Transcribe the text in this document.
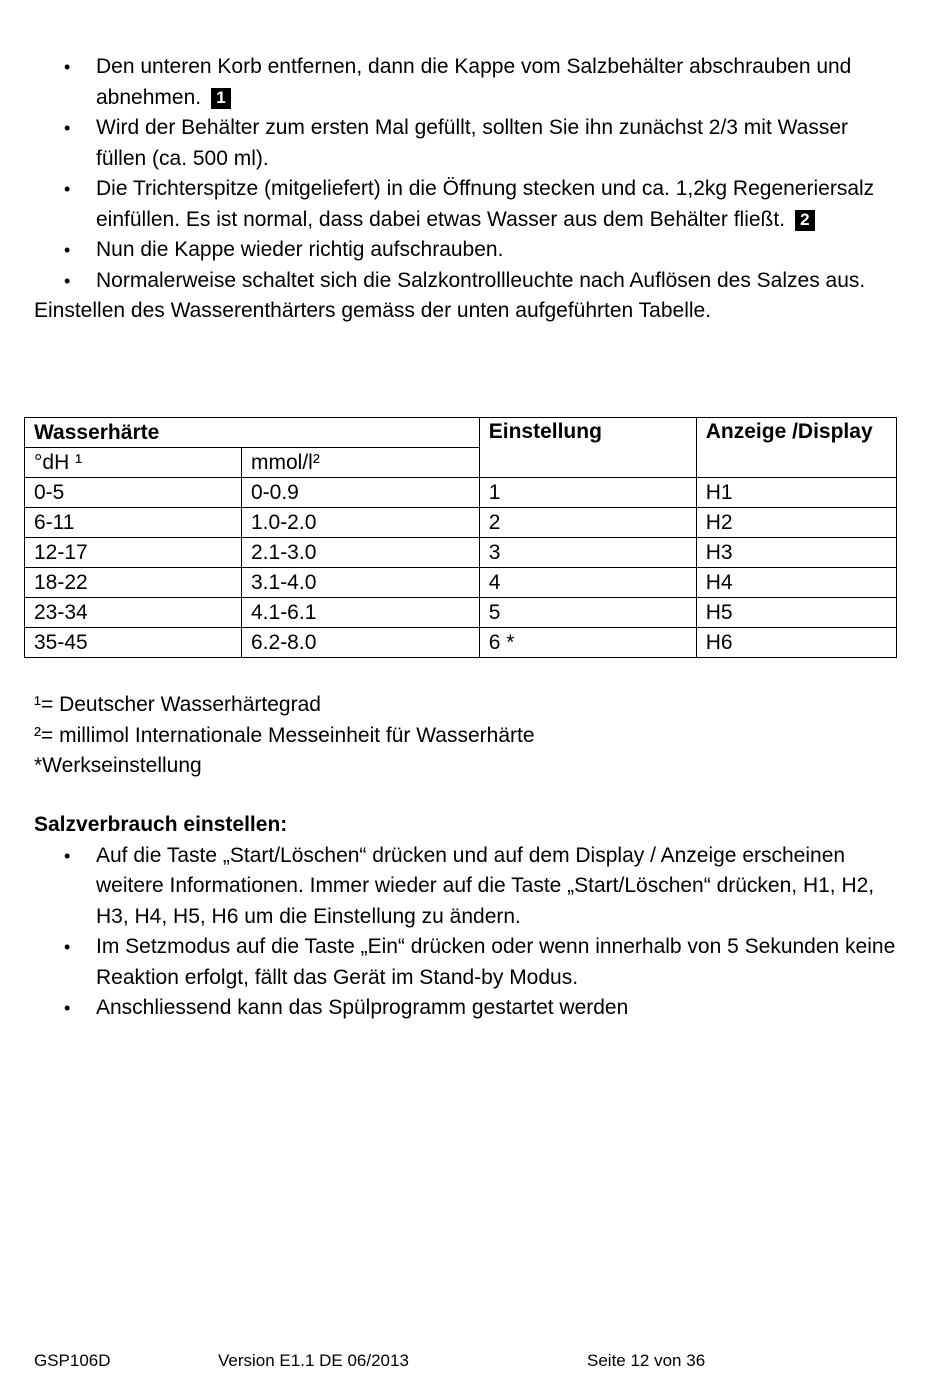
• Den unteren Korb entfernen, dann die Kappe vom Salzbehälter abschrauben und abnehmen. 1
• Wird der Behälter zum ersten Mal gefüllt, sollten Sie ihn zunächst 2/3 mit Wasser füllen (ca. 500 ml).
• Die Trichterspitze (mitgeliefert) in die Öffnung stecken und ca. 1,2kg Regeneriersalz einfüllen. Es ist normal, dass dabei etwas Wasser aus dem Behälter fließt. 2
• Nun die Kappe wieder richtig aufschrauben.
• Normalerweise schaltet sich die Salzkontrollleuchte nach Auflösen des Salzes aus.

Einstellen des Wasserenthärters gemäss der unten aufgeführten Tabelle.

Wasserhärte		Einstellung	Anzeige /Display
°dH ¹	mmol/l²		
0-5	0-0.9	1	H1
6-11	1.0-2.0	2	H2
12-17	2.1-3.0	3	H3
18-22	3.1-4.0	4	H4
23-34	4.1-6.1	5	H5
35-45	6.2-8.0	6 *	H6

¹= Deutscher Wasserhärtegrad

²= millimol Internationale Messeinheit für Wasserhärte

*Werkseinstellung

Salzverbrauch einstellen:

• Auf die Taste „Start/Löschen“ drücken und auf dem Display / Anzeige erscheinen weitere Informationen. Immer wieder auf die Taste „Start/Löschen“ drücken, H1, H2, H3, H4, H5, H6 um die Einstellung zu ändern.
• Im Setzmodus auf die Taste „Ein“ drücken oder wenn innerhalb von 5 Sekunden keine Reaktion erfolgt, fällt das Gerät im Stand-by Modus.
• Anschliessend kann das Spülprogramm gestartet werden
GSP106D	Version E1.1 DE 06/2013	Seite 12 von 36
